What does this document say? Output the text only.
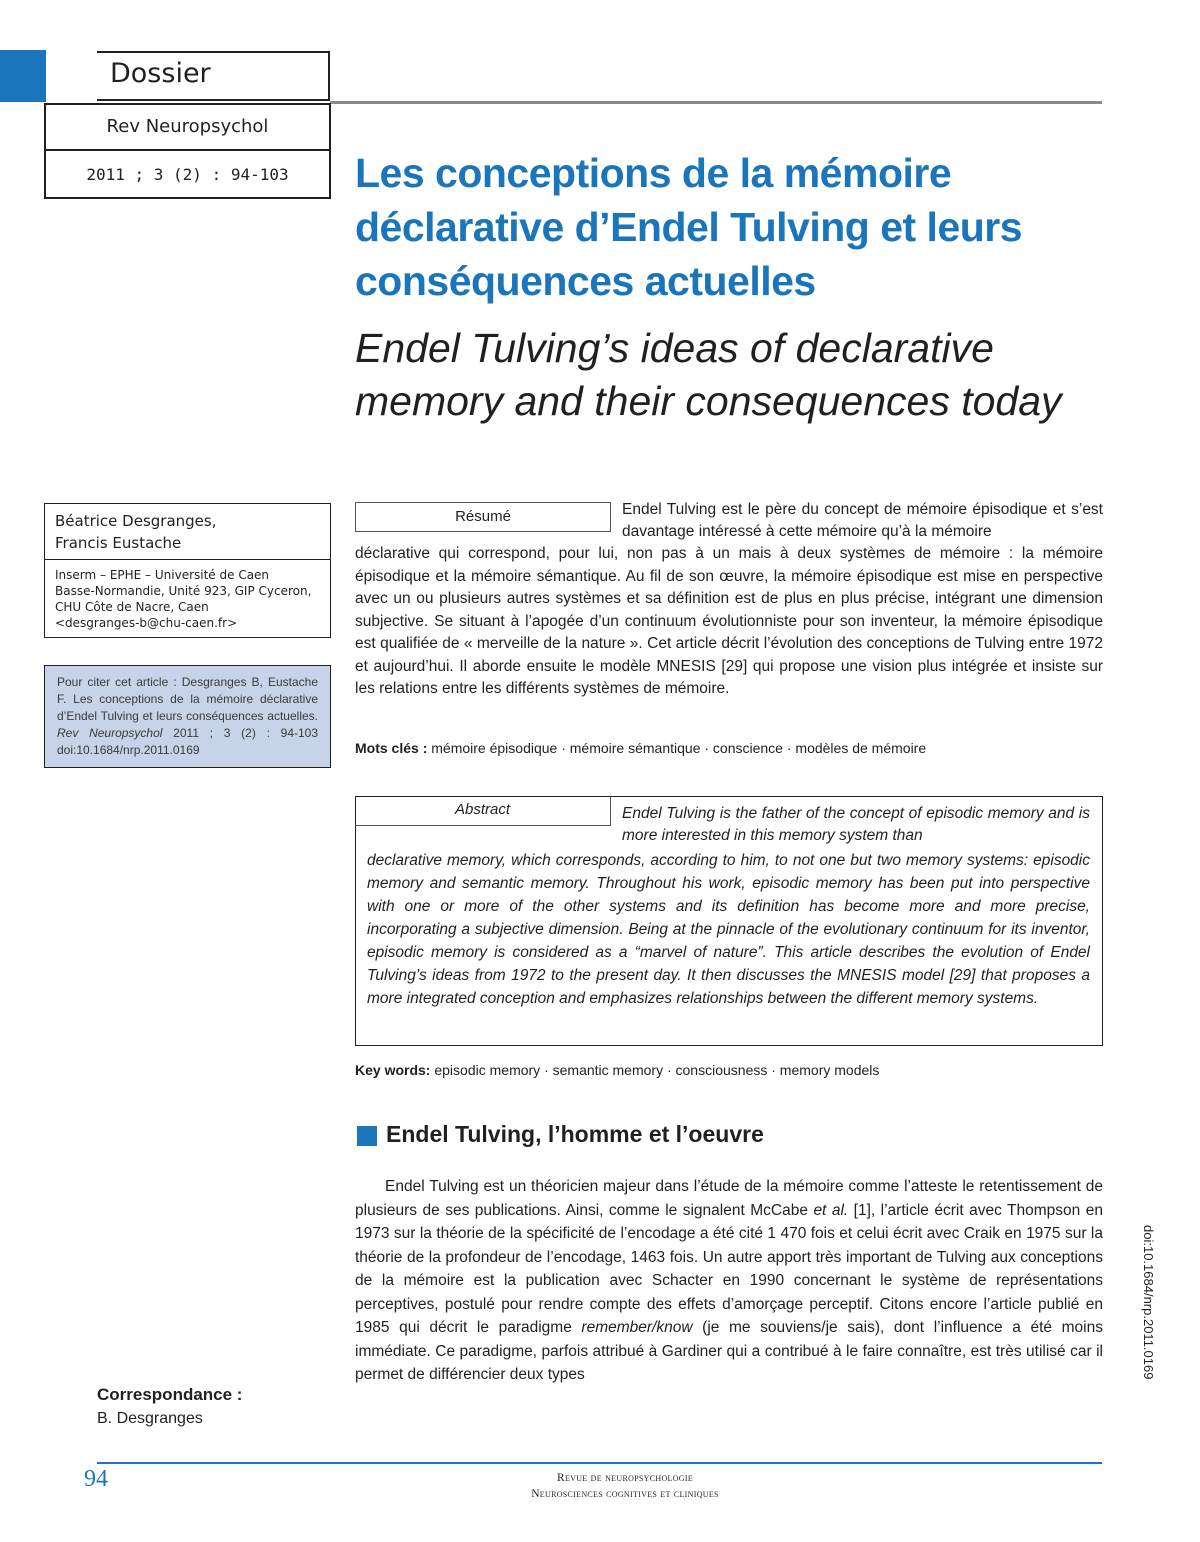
Dossier
Rev Neuropsychol
2011 ; 3 (2) : 94-103	Les conceptions de la mémoire déclarative d’Endel Tulving et leurs conséquences actuelles
Endel Tulving’s ideas of declarative memory and their consequences today
Béatrice Desgranges,
Francis Eustache
Inserm – EPHE – Université de Caen
Basse-Normandie, Unité 923, GIP Cyceron,
CHU Côte de Nacre, Caen
<desgranges-b@chu-caen.fr>
Pour citer cet article : Desgranges B, Eustache F. Les conceptions de la mémoire déclarative d’Endel Tulving et leurs conséquences actuelles. Rev Neuropsychol 2011 ; 3 (2) : 94-103 doi:10.1684/nrp.2011.0169
Résumé	Endel Tulving est le père du concept de mémoire épisodique et s’est davantage intéressé à cette mémoire qu’à la mémoire
déclarative qui correspond, pour lui, non pas à un mais à deux systèmes de mémoire : la mémoire épisodique et la mémoire sémantique. Au fil de son œuvre, la mémoire épisodique est mise en perspective avec un ou plusieurs autres systèmes et sa définition est de plus en plus précise, intégrant une dimension subjective. Se situant à l’apogée d’un continuum évolutionniste pour son inventeur, la mémoire épisodique est qualifiée de « merveille de la nature ». Cet article décrit l’évolution des conceptions de Tulving entre 1972 et aujourd’hui. Il aborde ensuite le modèle MNESIS [29] qui propose une vision plus intégrée et insiste sur les relations entre les différents systèmes de mémoire.
Mots clés : mémoire épisodique · mémoire sémantique · conscience · modèles de mémoire
Abstract	Endel Tulving is the father of the concept of episodic memory and is more interested in this memory system than
declarative memory, which corresponds, according to him, to not one but two memory systems: episodic memory and semantic memory. Throughout his work, episodic memory has been put into perspective with one or more of the other systems and its definition has become more and more precise, incorporating a subjective dimension. Being at the pinnacle of the evolutionary continuum for its inventor, episodic memory is considered as a “marvel of nature”. This article describes the evolution of Endel Tulving’s ideas from 1972 to the present day. It then discusses the MNESIS model [29] that proposes a more integrated conception and emphasizes relationships between the different memory systems.
Key words: episodic memory · semantic memory · consciousness · memory models
Endel Tulving, l’homme et l’oeuvre
Endel Tulving est un théoricien majeur dans l’étude de la mémoire comme l’atteste le retentissement de plusieurs de ses publications. Ainsi, comme le signalent McCabe et al. [1], l’article écrit avec Thompson en 1973 sur la théorie de la spécificité de l’encodage a été cité 1 470 fois et celui écrit avec Craik en 1975 sur la théorie de la profondeur de l’encodage, 1463 fois. Un autre apport très important de Tulving aux conceptions de la mémoire est la publication avec Schacter en 1990 concernant le système de représentations perceptives, postulé pour rendre compte des effets d’amorçage perceptif. Citons encore l’article publié en 1985 qui décrit le paradigme remember/know (je me souviens/je sais), dont l’influence a été moins immédiate. Ce paradigme, parfois attribué à Gardiner qui a contribué à le faire connaître, est très utilisé car il permet de différencier deux types	doi:10.1684/nrp.2011.0169
Correspondance :
B. Desgranges
94	Revue de neuropsychologie
Neurosciences cognitives et cliniques
